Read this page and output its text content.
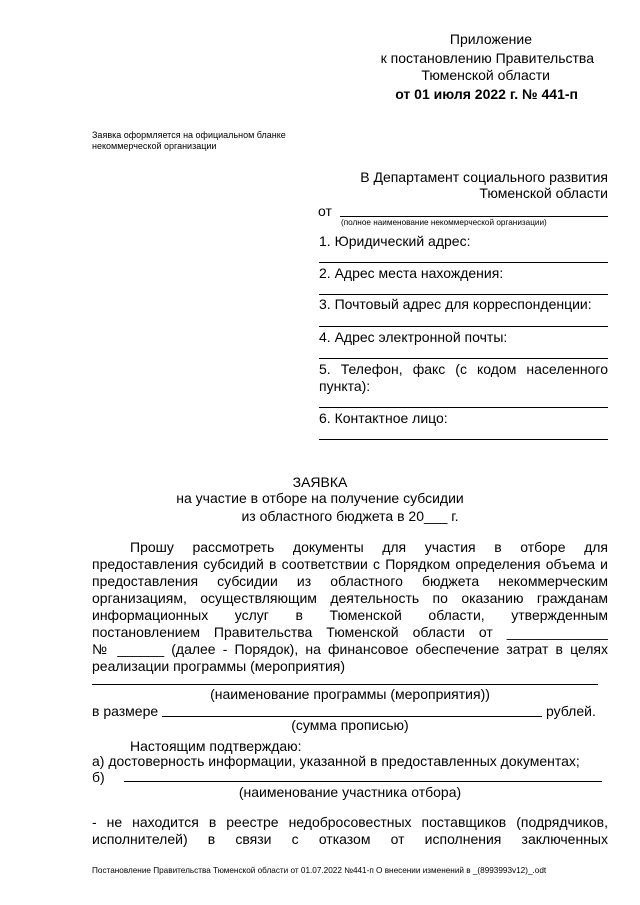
Приложение
к постановлению Правительства
Тюменской области
от 01 июля 2022 г. № 441-п
Заявка оформляется на официальном бланке
некоммерческой организации
В Департамент социального развития
Тюменской области
от
(полное наименование некоммерческой организации)
1. Юридический адрес:
2. Адрес места нахождения:
3. Почтовый адрес для корреспонденции:
4. Адрес электронной почты:
5. Телефон, факс (с кодом населенного
пункта):
6. Контактное лицо:
ЗАЯВКА
на участие в отборе на получение субсидии
из областного бюджета в 20___ г.
Прошу рассмотреть документы для участия в отборе для
предоставления субсидий в соответствии с Порядком определения объема и
предоставления субсидии из областного бюджета некоммерческим
организациям, осуществляющим деятельность по оказанию гражданам
информационных услуг в Тюменской области, утвержденным
постановлением Правительства Тюменской области от _____________
№ ______ (далее - Порядок), на финансовое обеспечение затрат в целях
реализации программы (мероприятия)
(наименование программы (мероприятия))
в размере	рублей.
(сумма прописью)
Настоящим подтверждаю:
а) достоверность информации, указанной в предоставленных документах;
б)
(наименование участника отбора)
- не находится в реестре недобросовестных поставщиков (подрядчиков,
исполнителей) в связи с отказом от исполнения заключенных
Постановление Правительства Тюменской области от 01.07.2022 №441-п О внесении изменений в _(8993993v12)_.odt
